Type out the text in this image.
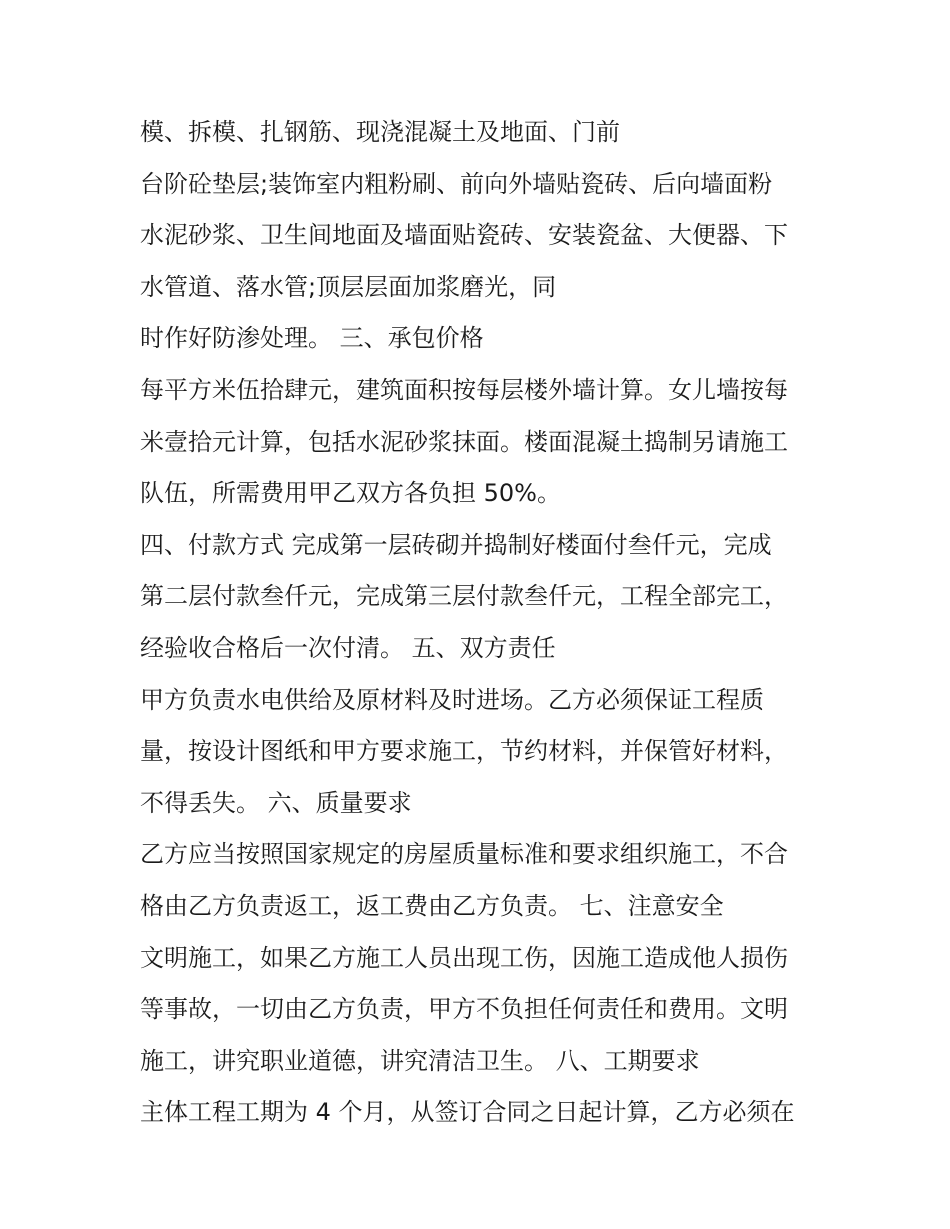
模、拆模、扎钢筋、现浇混凝土及地面、门前
台阶砼垫层;装饰室内粗粉刷、前向外墙贴瓷砖、后向墙面粉
水泥砂浆、卫生间地面及墙面贴瓷砖、安装瓷盆、大便器、下
水管道、落水管;顶层层面加浆磨光，同
时作好防渗处理。 三、承包价格
每平方米伍拾肆元，建筑面积按每层楼外墙计算。女儿墙按每
米壹拾元计算，包括水泥砂浆抹面。楼面混凝土捣制另请施工
队伍，所需费用甲乙双方各负担 50%。
四、付款方式 完成第一层砖砌并捣制好楼面付叁仟元，完成
第二层付款叁仟元，完成第三层付款叁仟元，工程全部完工，
经验收合格后一次付清。 五、双方责任
甲方负责水电供给及原材料及时进场。乙方必须保证工程质
量，按设计图纸和甲方要求施工，节约材料，并保管好材料，
不得丢失。 六、质量要求
乙方应当按照国家规定的房屋质量标准和要求组织施工，不合
格由乙方负责返工，返工费由乙方负责。 七、注意安全
文明施工，如果乙方施工人员出现工伤，因施工造成他人损伤
等事故，一切由乙方负责，甲方不负担任何责任和费用。文明
施工，讲究职业道德，讲究清洁卫生。 八、工期要求
主体工程工期为 4 个月，从签订合同之日起计算，乙方必须在
